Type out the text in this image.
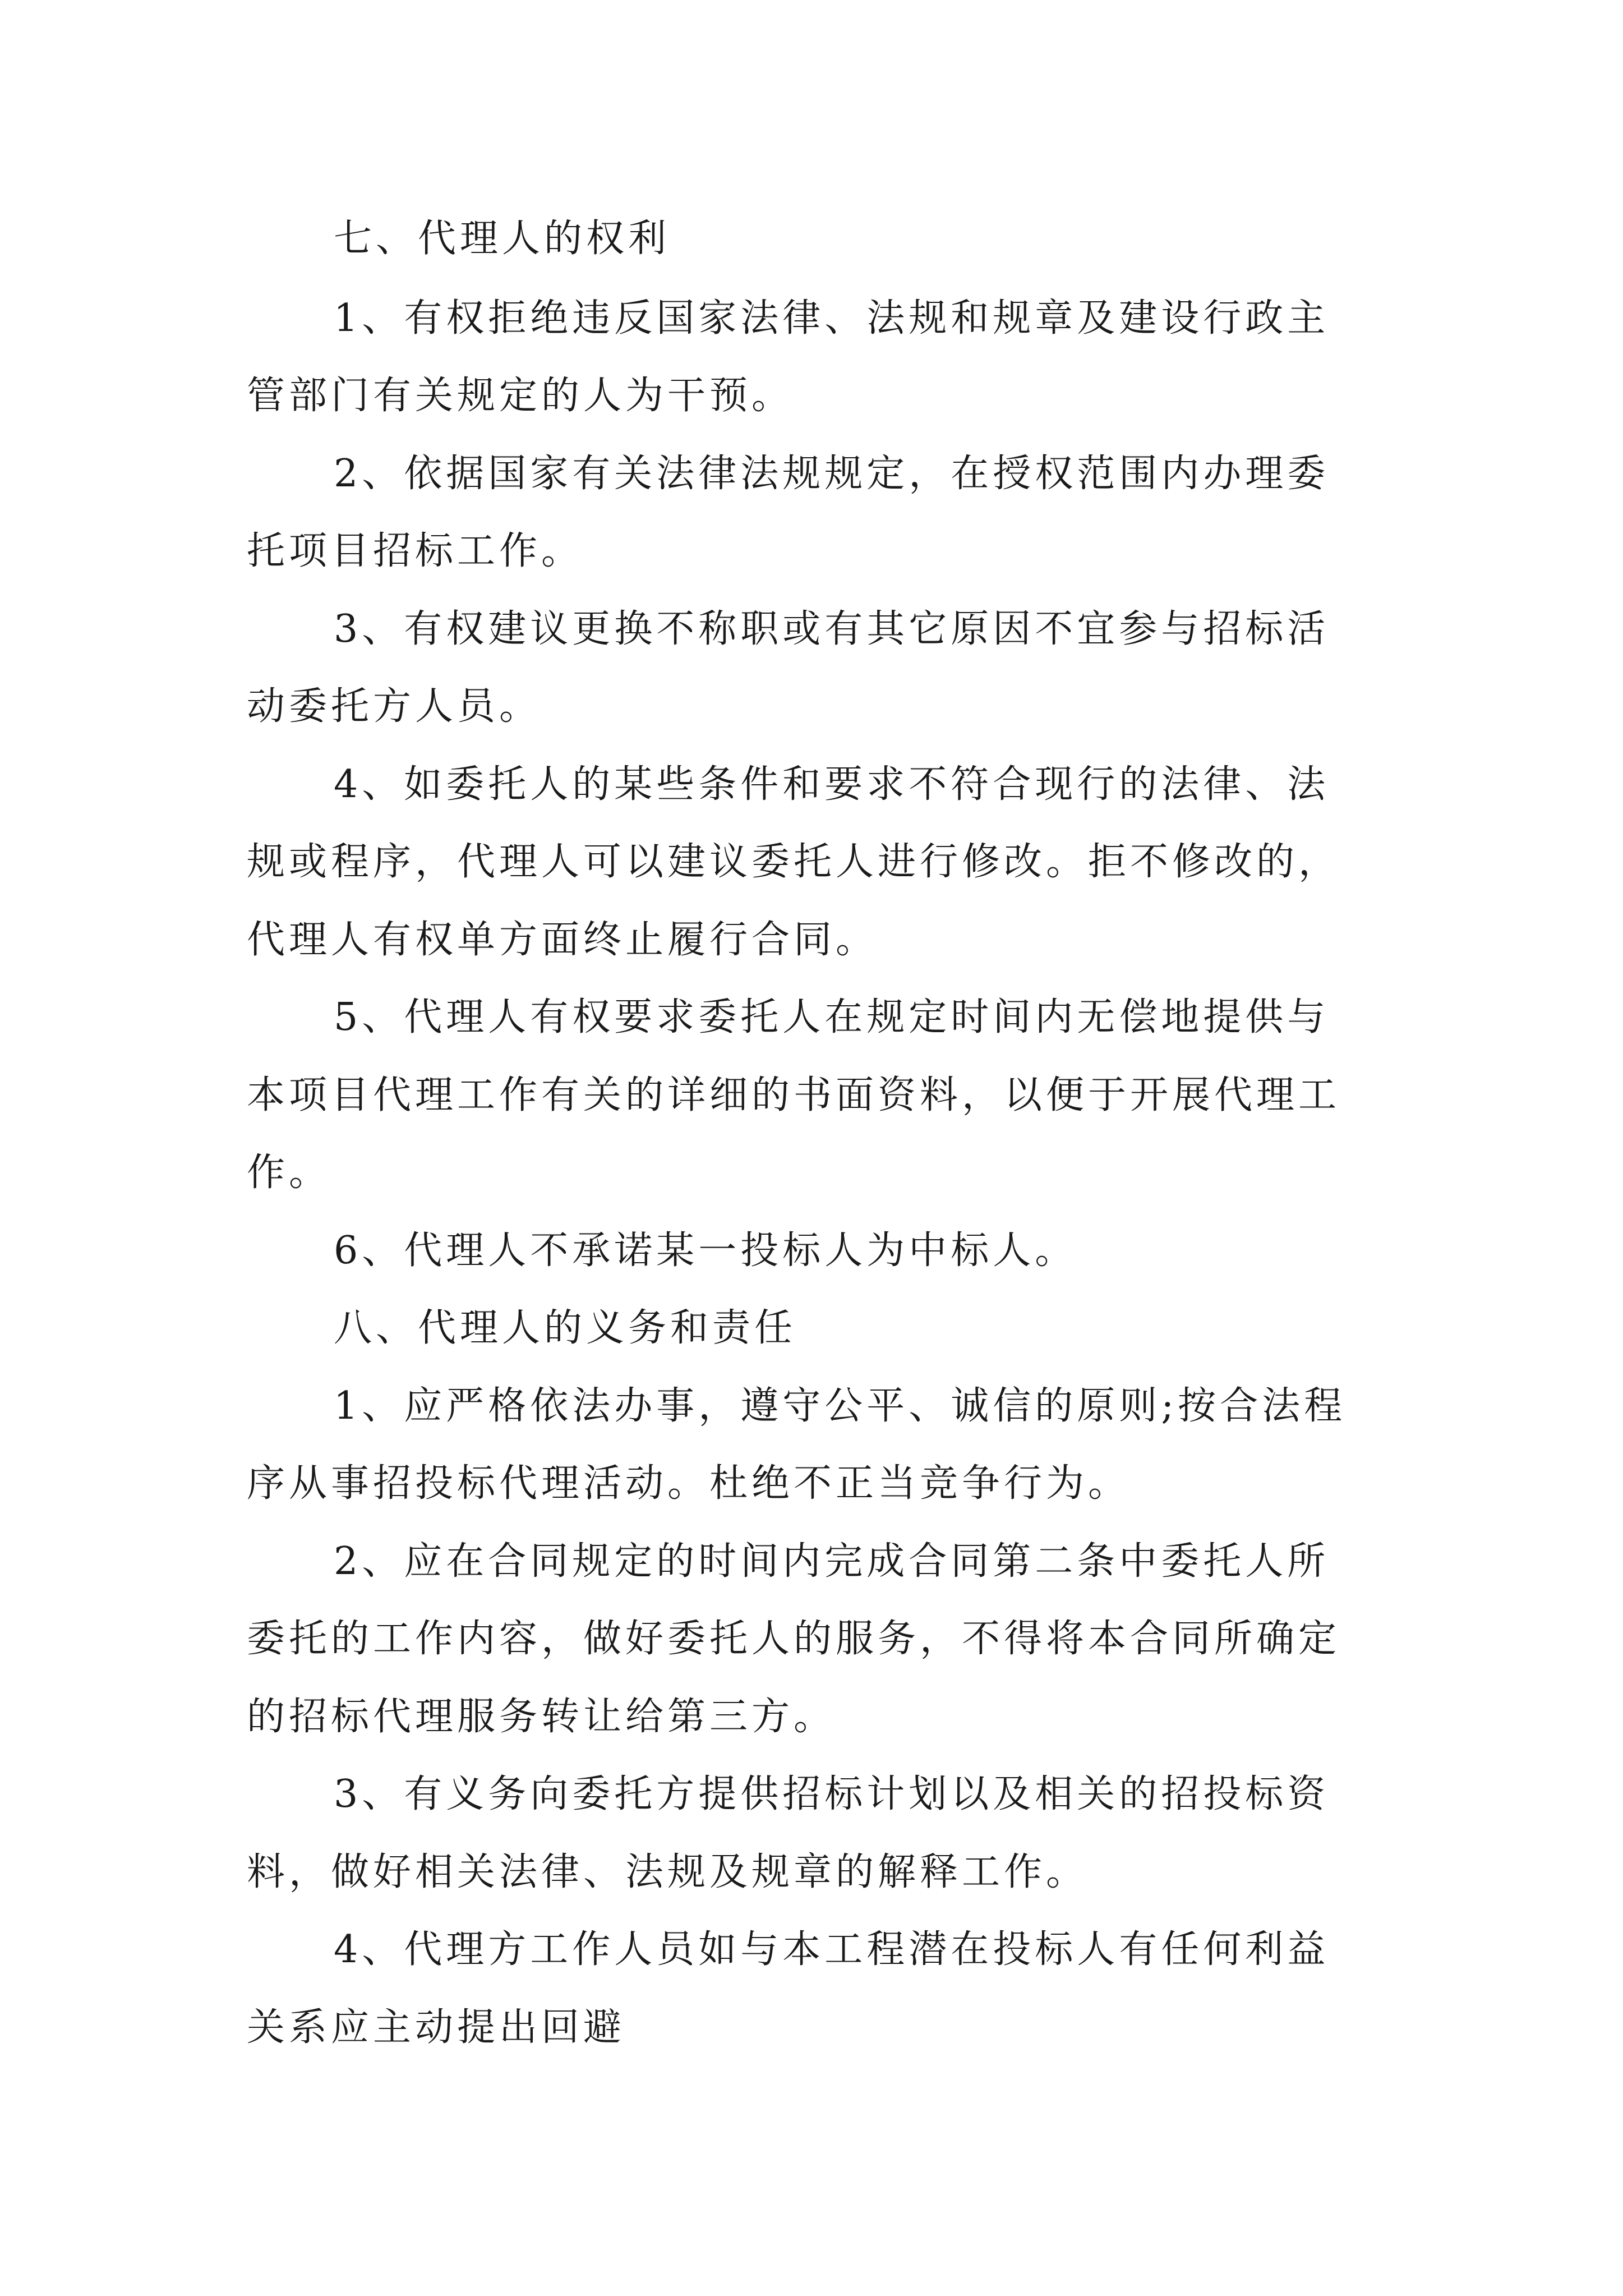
七、代理人的权利
1、有权拒绝违反国家法律、法规和规章及建设行政主
管部门有关规定的人为干预。
2、依据国家有关法律法规规定，在授权范围内办理委
托项目招标工作。
3、有权建议更换不称职或有其它原因不宜参与招标活
动委托方人员。
4、如委托人的某些条件和要求不符合现行的法律、法
规或程序，代理人可以建议委托人进行修改。拒不修改的，
代理人有权单方面终止履行合同。
5、代理人有权要求委托人在规定时间内无偿地提供与
本项目代理工作有关的详细的书面资料，以便于开展代理工
作。
6、代理人不承诺某一投标人为中标人。
八、代理人的义务和责任
1、应严格依法办事，遵守公平、诚信的原则;按合法程
序从事招投标代理活动。杜绝不正当竞争行为。
2、应在合同规定的时间内完成合同第二条中委托人所
委托的工作内容，做好委托人的服务，不得将本合同所确定
的招标代理服务转让给第三方。
3、有义务向委托方提供招标计划以及相关的招投标资
料，做好相关法律、法规及规章的解释工作。
4、代理方工作人员如与本工程潜在投标人有任何利益
关系应主动提出回避
